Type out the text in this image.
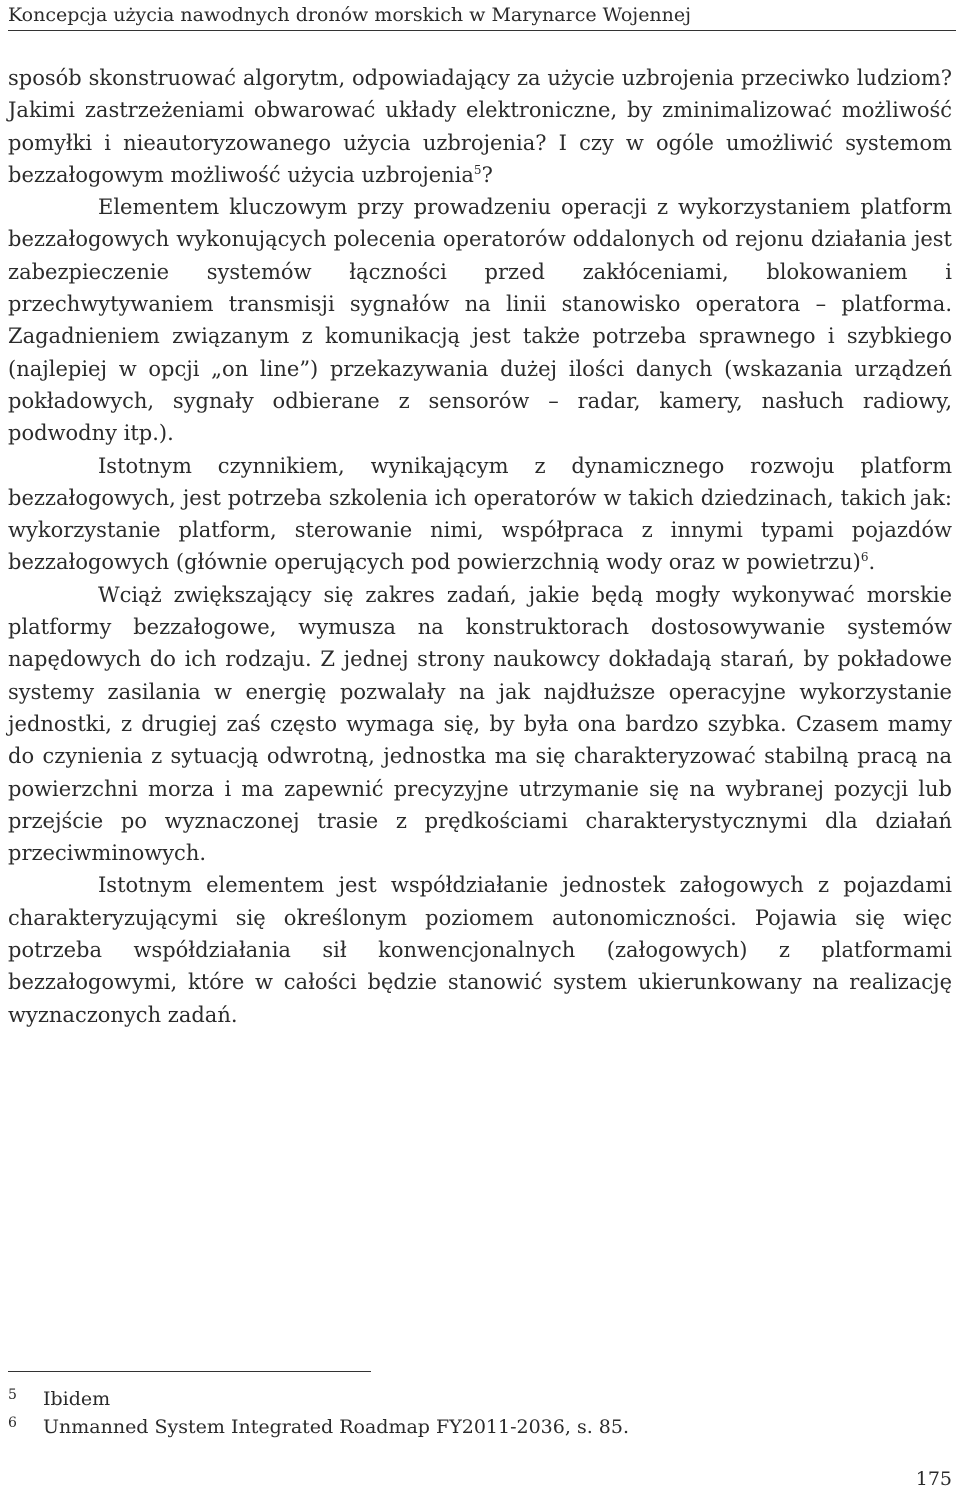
Koncepcja użycia nawodnych dronów morskich w Marynarce Wojennej

sposób skonstruować algorytm, odpowiadający za użycie uzbrojenia przeciwko ludziom? Jakimi zastrzeżeniami obwarować układy elektroniczne, by zminimalizować możliwość pomyłki i nieautoryzowanego użycia uzbrojenia? I czy w ogóle umożliwić systemom bezzałogowym możliwość użycia uzbrojenia$^5$?

Elementem kluczowym przy prowadzeniu operacji z wykorzystaniem platform bezzałogowych wykonujących polecenia operatorów oddalonych od rejonu działania jest zabezpieczenie systemów łączności przed zakłóceniami, blokowaniem i przechwytywaniem transmisji sygnałów na linii stanowisko operatora – platforma. Zagadnieniem związanym z komunikacją jest także potrzeba sprawnego i szybkiego (najlepiej w opcji „on line”) przekazywania dużej ilości danych (wskazania urządzeń pokładowych, sygnały odbierane z sensorów – radar, kamery, nasłuch radiowy, podwodny itp.).

Istotnym czynnikiem, wynikającym z dynamicznego rozwoju platform bezzałogowych, jest potrzeba szkolenia ich operatorów w takich dziedzinach, takich jak: wykorzystanie platform, sterowanie nimi, współpraca z innymi typami pojazdów bezzałogowych (głównie operujących pod powierzchnią wody oraz w powietrzu)$^6$.

Wciąż zwiększający się zakres zadań, jakie będą mogły wykonywać morskie platformy bezzałogowe, wymusza na konstruktorach dostosowywanie systemów napędowych do ich rodzaju. Z jednej strony naukowcy dokładają starań, by pokładowe systemy zasilania w energię pozwalały na jak najdłuższe operacyjne wykorzystanie jednostki, z drugiej zaś często wymaga się, by była ona bardzo szybka. Czasem mamy do czynienia z sytuacją odwrotną, jednostka ma się charakteryzować stabilną pracą na powierzchni morza i ma zapewnić precyzyjne utrzymanie się na wybranej pozycji lub przejście po wyznaczonej trasie z prędkościami charakterystycznymi dla działań przeciwminowych.

Istotnym elementem jest współdziałanie jednostek załogowych z pojazdami charakteryzującymi się określonym poziomem autonomiczności. Pojawia się więc potrzeba współdziałania sił konwencjonalnych (załogowych) z platformami bezzałogowymi, które w całości będzie stanowić system ukierunkowany na realizację wyznaczonych zadań.

5 Ibidem
6 Unmanned System Integrated Roadmap FY2011-2036, s. 85.
175
